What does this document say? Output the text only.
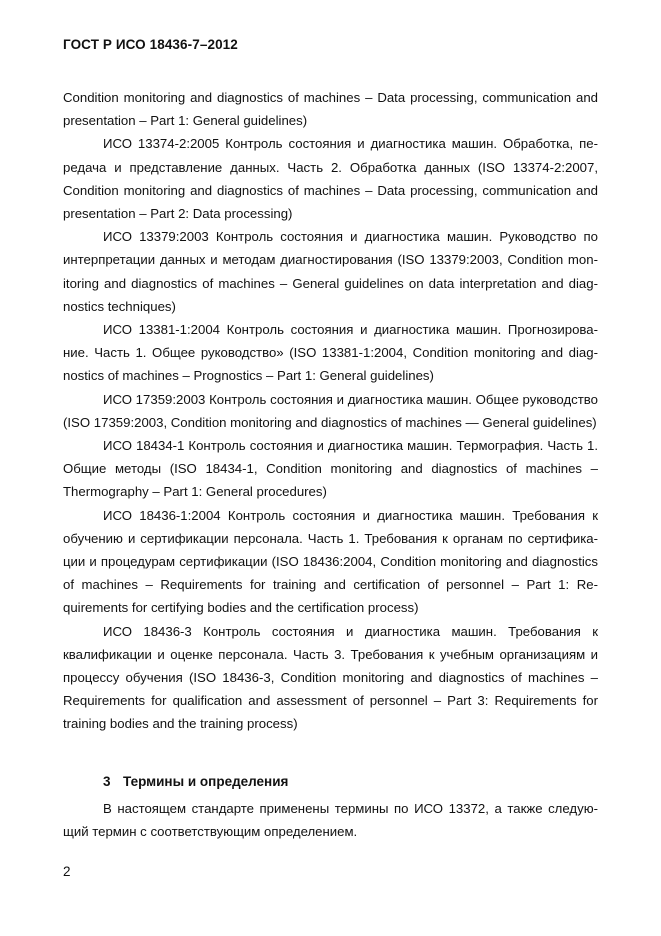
ГОСТ Р ИСО 18436-7–2012

Condition monitoring and diagnostics of machines – Data processing, communication and presentation – Part 1: General guidelines)

ИСО 13374-2:2005 Контроль состояния и диагностика машин. Обработка, передача и представление данных. Часть 2. Обработка данных (ISO 13374-2:2007, Condition monitoring and diagnostics of machines – Data processing, communication and presentation – Part 2: Data processing)

ИСО 13379:2003 Контроль состояния и диагностика машин. Руководство по интерпретации данных и методам диагностирования (ISO 13379:2003, Condition monitoring and diagnostics of machines – General guidelines on data interpretation and diagnostics techniques)

ИСО 13381-1:2004 Контроль состояния и диагностика машин. Прогнозирование. Часть 1. Общее руководство» (ISO 13381-1:2004, Condition monitoring and diagnostics of machines – Prognostics – Part 1: General guidelines)

ИСО 17359:2003 Контроль состояния и диагностика машин. Общее руководство (ISO 17359:2003, Condition monitoring and diagnostics of machines — General guidelines)

ИСО 18434-1 Контроль состояния и диагностика машин. Термография. Часть 1. Общие методы (ISO 18434-1, Condition monitoring and diagnostics of machines – Thermography – Part 1: General procedures)

ИСО 18436-1:2004 Контроль состояния и диагностика машин. Требования к обучению и сертификации персонала. Часть 1. Требования к органам по сертификации и процедурам сертификации (ISO 18436:2004, Condition monitoring and diagnostics of machines – Requirements for training and certification of personnel – Part 1: Requirements for certifying bodies and the certification process)

ИСО 18436-3 Контроль состояния и диагностика машин. Требования к квалификации и оценке персонала. Часть 3. Требования к учебным организациям и процессу обучения (ISO 18436-3, Condition monitoring and diagnostics of machines – Requirements for qualification and assessment of personnel – Part 3: Requirements for training bodies and the training process)

3 Термины и определения

В настоящем стандарте применены термины по ИСО 13372, а также следующий термин с соответствующим определением.

2
